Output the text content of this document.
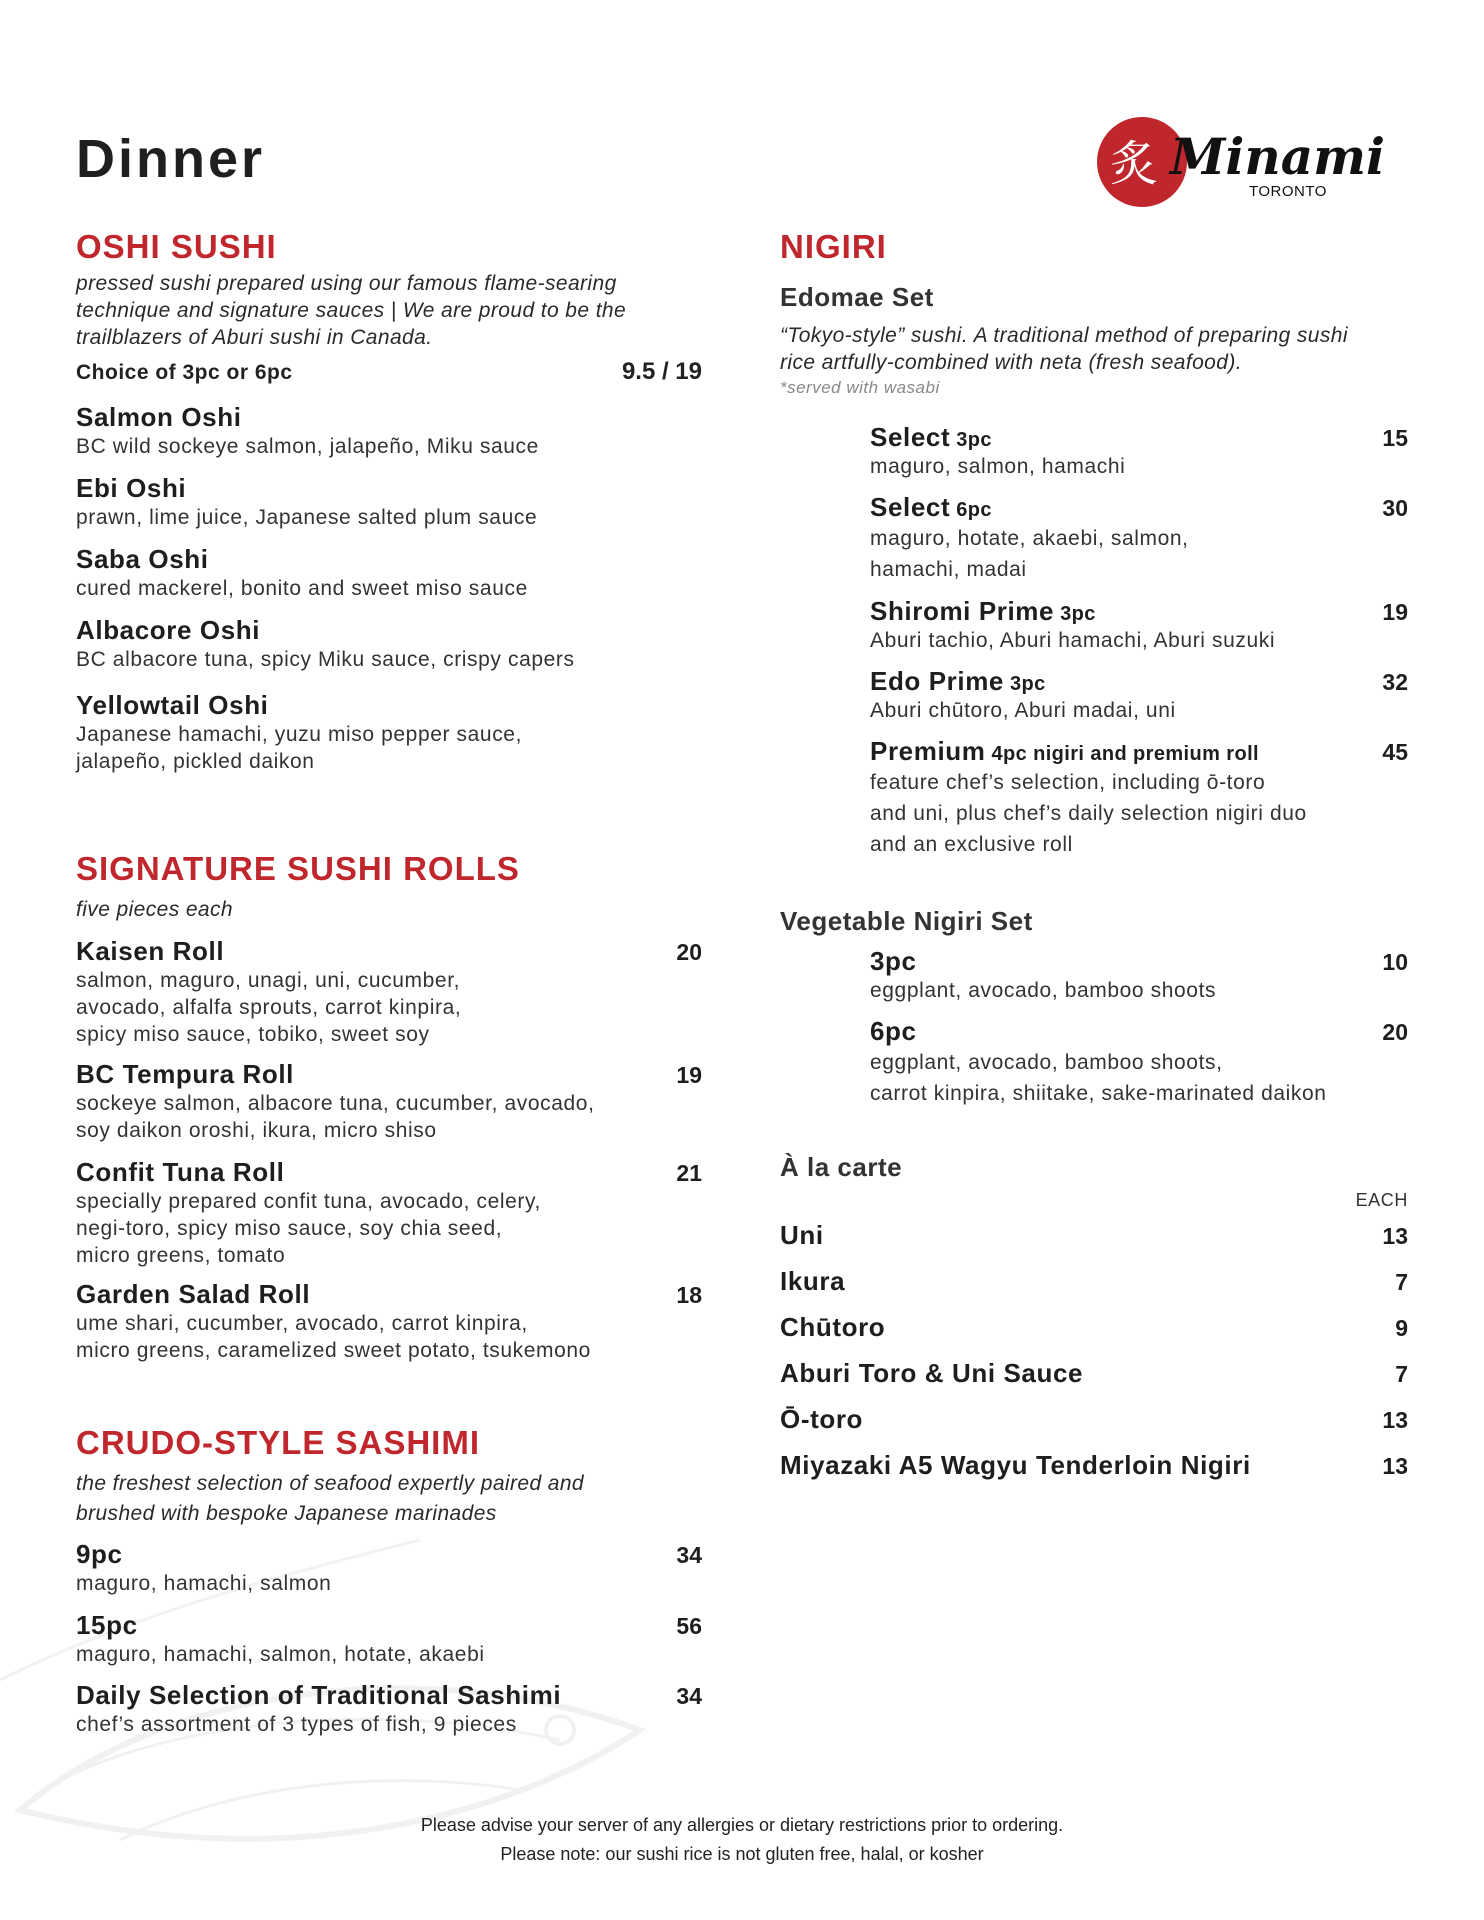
Dinner	炙 Minami
TORONTO
OSHI SUSHI
pressed sushi prepared using our famous flame-searing
technique and signature sauces | We are proud to be the
trailblazers of Aburi sushi in Canada.
Choice of 3pc or 6pc	9.5 / 19
Salmon Oshi
BC wild sockeye salmon, jalapeño, Miku sauce
Ebi Oshi
prawn, lime juice, Japanese salted plum sauce
Saba Oshi
cured mackerel, bonito and sweet miso sauce
Albacore Oshi
BC albacore tuna, spicy Miku sauce, crispy capers
Yellowtail Oshi
Japanese hamachi, yuzu miso pepper sauce,
jalapeño, pickled daikon
SIGNATURE SUSHI ROLLS
five pieces each
Kaisen Roll	20
salmon, maguro, unagi, uni, cucumber,
avocado, alfalfa sprouts, carrot kinpira,
spicy miso sauce, tobiko, sweet soy
BC Tempura Roll	19
sockeye salmon, albacore tuna, cucumber, avocado,
soy daikon oroshi, ikura, micro shiso
Confit Tuna Roll	21
specially prepared confit tuna, avocado, celery,
negi-toro, spicy miso sauce, soy chia seed,
micro greens, tomato
Garden Salad Roll	18
ume shari, cucumber, avocado, carrot kinpira,
micro greens, caramelized sweet potato, tsukemono
CRUDO-STYLE SASHIMI
the freshest selection of seafood expertly paired and
brushed with bespoke Japanese marinades
9pc	34
maguro, hamachi, salmon
15pc	56
maguro, hamachi, salmon, hotate, akaebi
Daily Selection of Traditional Sashimi	34
chef’s assortment of 3 types of fish, 9 pieces
NIGIRI
Edomae Set
“Tokyo-style” sushi. A traditional method of preparing sushi
rice artfully-combined with neta (fresh seafood).
*served with wasabi
Select 3pc	15
maguro, salmon, hamachi
Select 6pc	30
maguro, hotate, akaebi, salmon,
hamachi, madai
Shiromi Prime 3pc	19
Aburi tachio, Aburi hamachi, Aburi suzuki
Edo Prime 3pc	32
Aburi chūtoro, Aburi madai, uni
Premium 4pc nigiri and premium roll	45
feature chef’s selection, including ō-toro
and uni, plus chef’s daily selection nigiri duo
and an exclusive roll
Vegetable Nigiri Set
3pc	10
eggplant, avocado, bamboo shoots
6pc	20
eggplant, avocado, bamboo shoots,
carrot kinpira, shiitake, sake-marinated daikon
À la carte
EACH
Uni	13
Ikura	7
Chūtoro	9
Aburi Toro & Uni Sauce	7
Ō-toro	13
Miyazaki A5 Wagyu Tenderloin Nigiri	13
Please advise your server of any allergies or dietary restrictions prior to ordering.
Please note: our sushi rice is not gluten free, halal, or kosher
